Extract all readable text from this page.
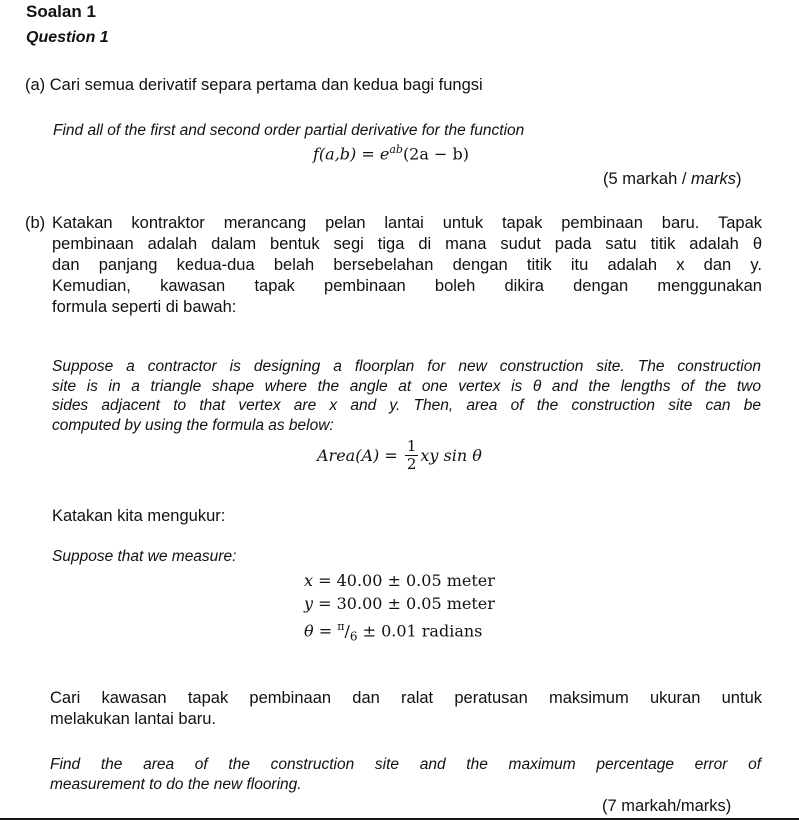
Soalan 1
Question 1
(a) Cari semua derivatif separa pertama dan kedua bagi fungsi
Find all of the first and second order partial derivative for the function
$f(a,b) = e^{ab}(2a - b)$
(5 markah / marks)
(b) Katakan kontraktor merancang pelan lantai untuk tapak pembinaan baru. Tapak
pembinaan adalah dalam bentuk segi tiga di mana sudut pada satu titik adalah θ
dan panjang kedua-dua belah bersebelahan dengan titik itu adalah x dan y.
Kemudian, kawasan tapak pembinaan boleh dikira dengan menggunakan
formula seperti di bawah:
Suppose a contractor is designing a floorplan for new construction site. The construction
site is in a triangle shape where the angle at one vertex is θ and the lengths of the two
sides adjacent to that vertex are x and y. Then, area of the construction site can be
computed by using the formula as below:
Area(A) = $\frac{1}{2}$ xy sin θ
Katakan kita mengukur:
Suppose that we measure:
x = 40.00 ± 0.05 meter
y = 30.00 ± 0.05 meter
$\theta = ^\pi/_6 \pm 0.01$ radians
Cari kawasan tapak pembinaan dan ralat peratusan maksimum ukuran untuk
melakukan lantai baru.
Find the area of the construction site and the maximum percentage error of
measurement to do the new flooring.
(7 markah/marks)
